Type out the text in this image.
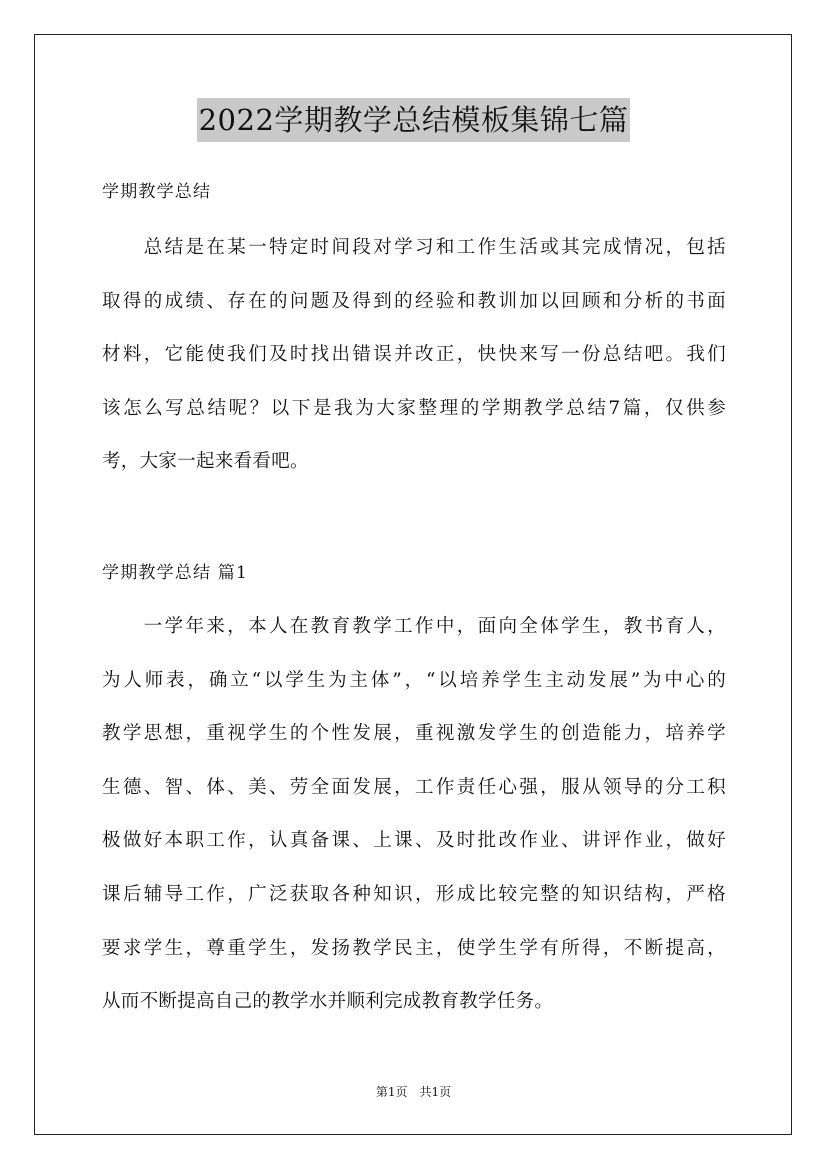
2022学期教学总结模板集锦七篇
学期教学总结
　　总结是在某一特定时间段对学习和工作生活或其完成情况，包括
取得的成绩、存在的问题及得到的经验和教训加以回顾和分析的书面
材料，它能使我们及时找出错误并改正，快快来写一份总结吧。我们
该怎么写总结呢？以下是我为大家整理的学期教学总结7篇，仅供参
考，大家一起来看看吧。
学期教学总结 篇1
　　一学年来，本人在教育教学工作中，面向全体学生，教书育人，
为人师表，确立“以学生为主体”，“以培养学生主动发展”为中心的
教学思想，重视学生的个性发展，重视激发学生的创造能力，培养学
生德、智、体、美、劳全面发展，工作责任心强，服从领导的分工积
极做好本职工作，认真备课、上课、及时批改作业、讲评作业，做好
课后辅导工作，广泛获取各种知识，形成比较完整的知识结构，严格
要求学生，尊重学生，发扬教学民主，使学生学有所得，不断提高，
从而不断提高自己的教学水并顺利完成教育教学任务。
第1页　共1页
